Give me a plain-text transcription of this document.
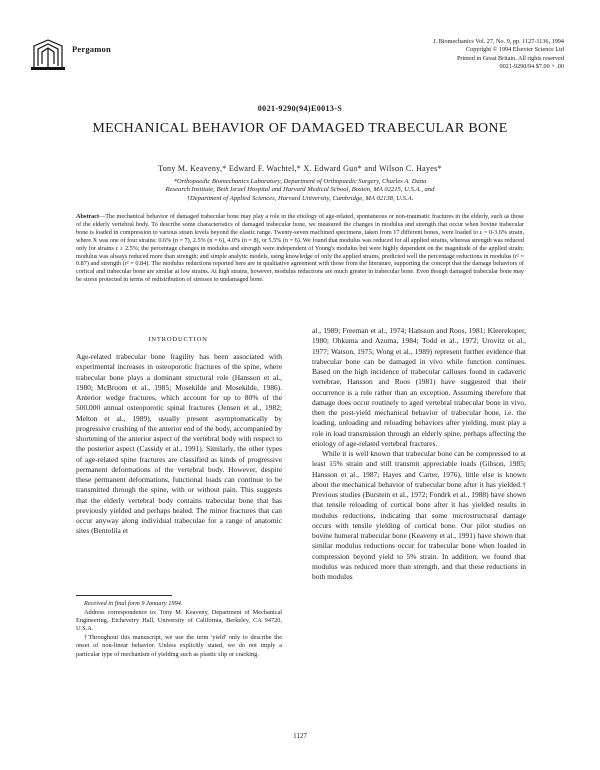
Pergamon
J. Biomechanics Vol. 27, No. 9, pp. 1127-1136, 1994
Copyright © 1994 Elsevier Science Ltd
Printed in Great Britain. All rights reserved
0021-9290/94 $7.00 + .00
0021-9290(94)E0013-S
MECHANICAL BEHAVIOR OF DAMAGED TRABECULAR BONE
Tony M. Keaveny,* Edward F. Wachtel,* X. Edward Guo* and Wilson C. Hayes*
*Orthopaedic Biomechanics Laboratory, Department of Orthopaedic Surgery, Charles A. Dana
Research Institute, Beth Israel Hospital and Harvard Medical School, Boston, MA 02215, U.S.A., and
†Department of Applied Sciences, Harvard University, Cambridge, MA 02138, U.S.A.
Abstract—The mechanical behavior of damaged trabecular bone may play a role in the etiology of age-related, spontaneous or non-traumatic fractures in the elderly, such as those of the elderly vertebral body. To describe some characteristics of damaged trabecular bone, we measured the changes in modulus and strength that occur when bovine trabecular bone is loaded in compression to various strain levels beyond the elastic range. Twenty-seven machined specimens, taken from 17 different bones, were loaded to ε = 0-3.6% strain, where X was one of four strains: 0.6% (n = 7), 2.5% (n = 6), 4.0% (n = 8), or 5.5% (n = 6). We found that modulus was reduced for all applied strains, whereas strength was reduced only for strains ε ≥ 2.5%; the percentage changes in modulus and strength were independent of Young's modulus but were highly dependent on the magnitude of the applied strain; modulus was always reduced more than strength; and simple analytic models, using knowledge of only the applied strains, predicted well the percentage reductions in modulus (r² = 0.87) and strength (r² = 0.84). The modulus reductions reported here are in qualitative agreement with those from the literature, supporting the concept that the damage behaviors of cortical and trabecular bone are similar at low strains. At high strains, however, modulus reductions are much greater in trabecular bone. Even though damaged trabecular bone may be stress protected in terms of redistribution of stresses to undamaged bone.
INTRODUCTION

Age-related trabecular bone fragility has been associated with experimental increases in osteoporotic fractures of the spine, where trabecular bone plays a dominant structural role (Hansson et al., 1980; McBroom et al., 1985; Mosekilde and Mosekilde, 1986). Anterior wedge fractures, which account for up to 80% of the 500,000 annual osteoporotic spinal fractures (Jensen et al., 1982; Melton et al., 1989), usually present asymptomatically by progressive crushing of the anterior end of the body, accompanied by shortening of the anterior aspect of the vertebral body with respect to the posterior aspect (Cassidy et al., 1991). Similarly, the other types of age-related spine fractures are classified as kinds of progressive permanent deformations of the vertebral body. However, despite these permanent deformations, functional loads can continue to be transmitted through the spine, with or without pain. This suggests that the elderly vertebral body contains trabecular bone that has previously yielded and perhaps healed. The minor fractures that can occur anyway along individual trabeculae for a range of anatomic sites (Bentolila et

Received in final form 9 January 1994.

Address correspondence to: Tony M. Keaveny, Department of Mechanical Engineering, Etcheverry Hall, University of California, Berkeley, CA 94720, U.S.A.

†Throughout this manuscript, we use the term 'yield' only to describe the onset of non-linear behavior. Unless explicitly stated, we do not imply a particular type of mechanism of yielding such as plastic slip or cracking.

al., 1989; Freeman et al., 1974; Hansson and Roos, 1981; Kleerekoper, 1980; Ohkuma and Azuma, 1984; Todd et al., 1972; Urovitz et al., 1977; Watson, 1975; Wong et al., 1989) represent further evidence that trabecular bone can be damaged in vivo while function continues. Based on the high incidence of trabecular calluses found in cadaveric vertebrae, Hansson and Roos (1981) have suggested that their occurrence is a rule rather than an exception. Assuming therefore that damage does occur routinely to aged vertebral trabecular bone in vivo, then the post-yield mechanical behavior of trabecular bone, i.e. the loading, unloading and reloading behaviors after yielding, must play a role in load transmission through an elderly spine, perhaps affecting the etiology of age-related vertebral fractures.

While it is well known that trabecular bone can be compressed to at least 15% strain and still transmit appreciable loads (Gibson, 1985; Hansson et al., 1987; Hayes and Carter, 1976), little else is known about the mechanical behavior of trabecular bone after it has yielded.† Previous studies (Burstein et al., 1972; Fondrk et al., 1988) have shown that tensile reloading of cortical bone after it has yielded results in modulus reductions, indicating that some microstructural damage occurs with tensile yielding of cortical bone. Our pilot studies on bovine humeral trabecular bone (Keaveny et al., 1991) have shown that similar modulus reductions occur for trabecular bone when loaded in compression beyond yield to 5% strain. In addition, we found that modulus was reduced more than strength, and that these reductions in both modulus

1127
